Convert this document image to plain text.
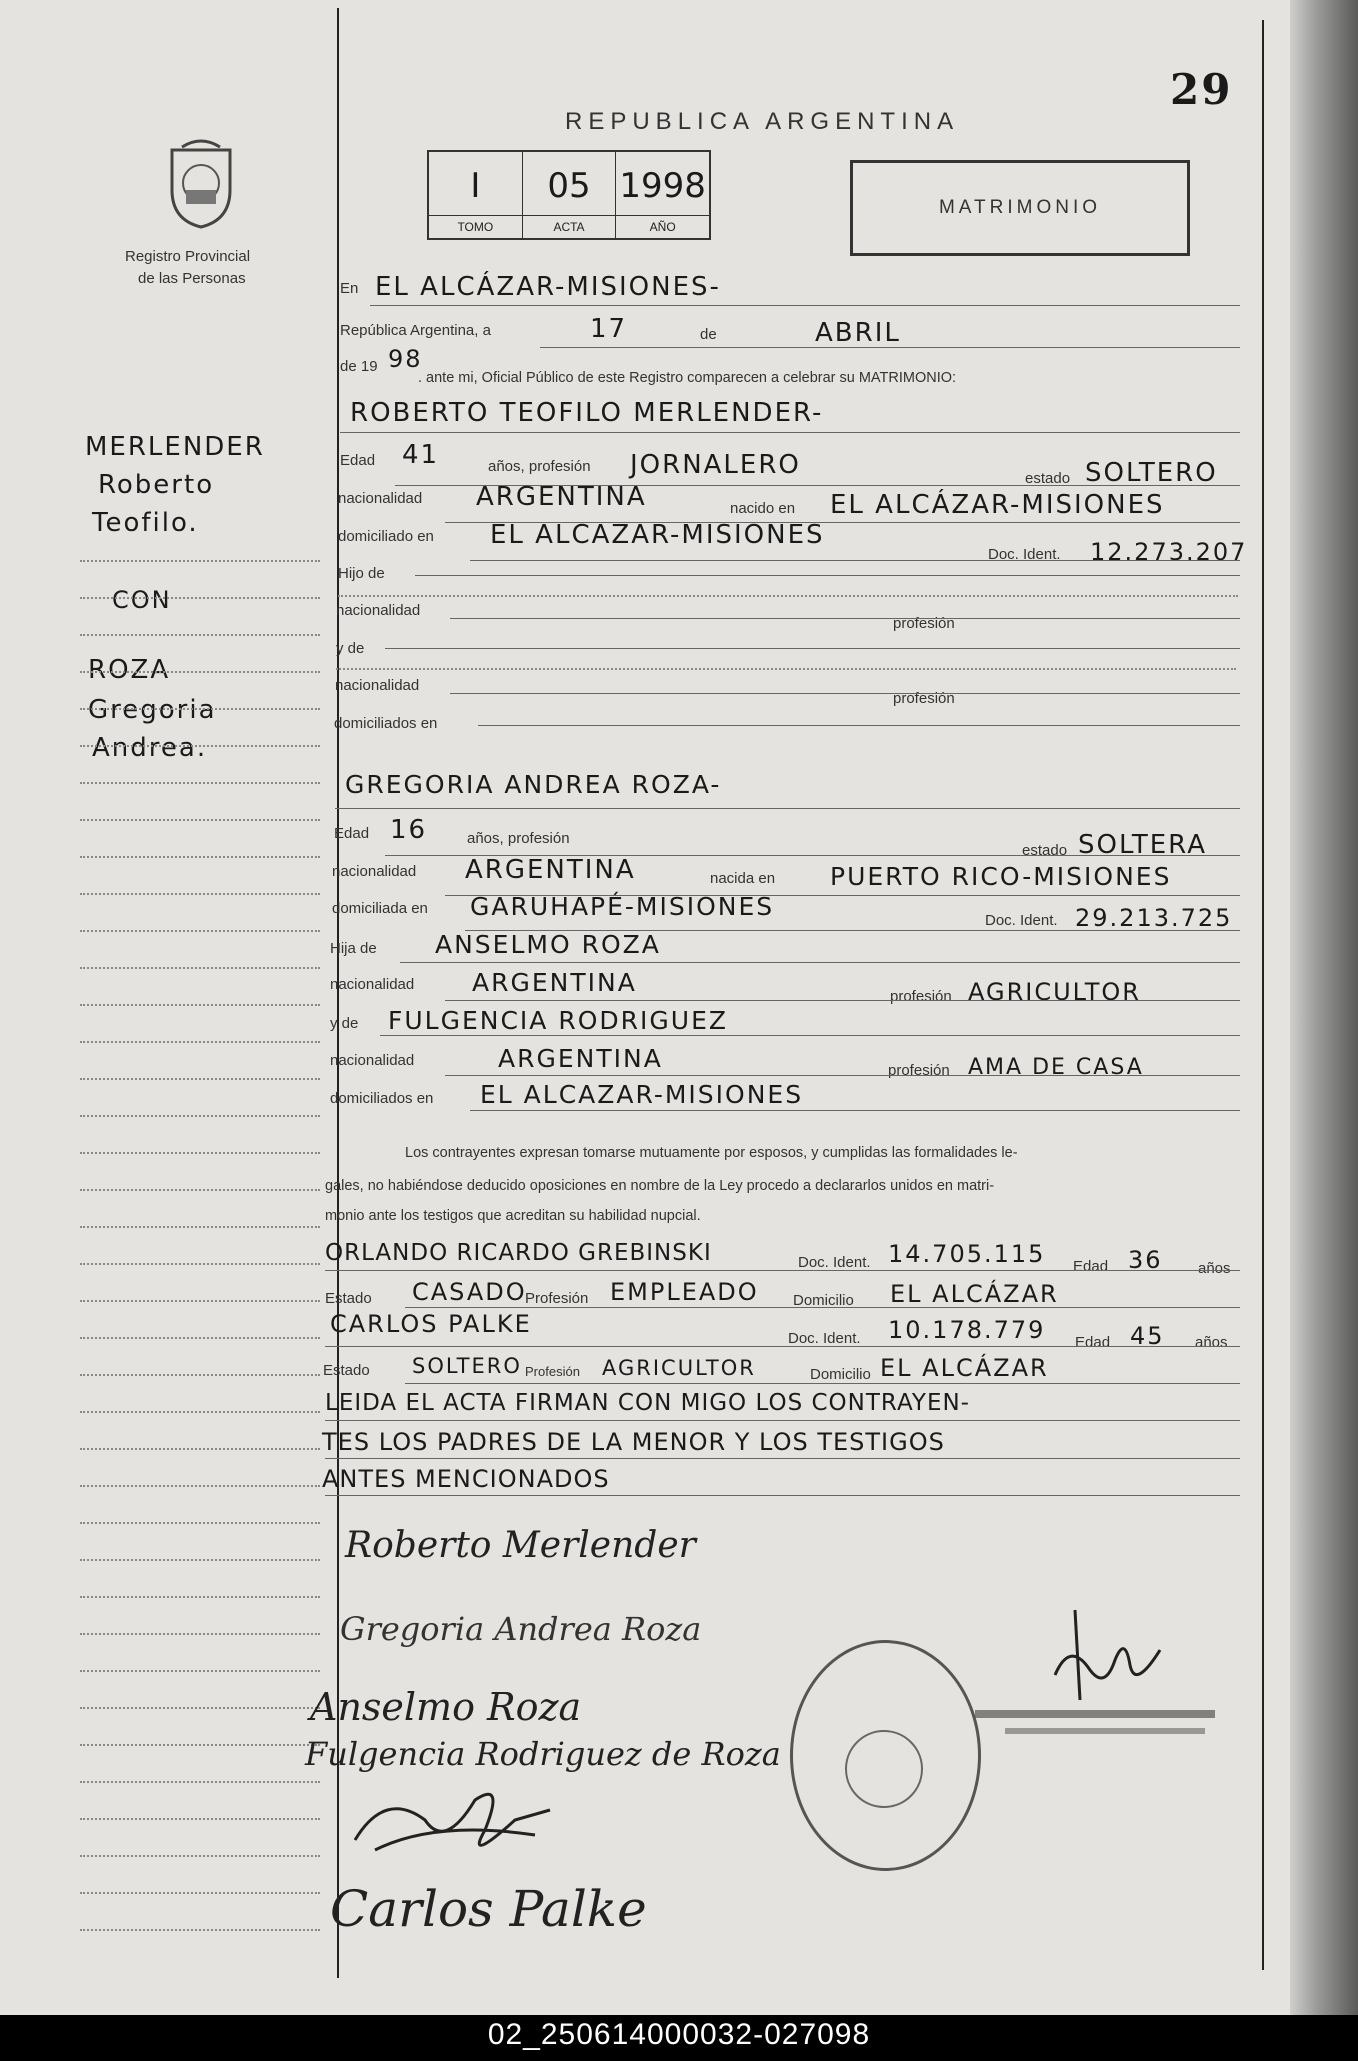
29
Registro Provincial
de las Personas
REPUBLICA ARGENTINA
I
TOMO
05
ACTA
1998
AÑO
MATRIMONIO
MERLENDER
Roberto
Teofilo.
CON
ROZA
Gregoria
Andrea.
En EL ALCÁZAR-MISIONES-
República Argentina, a	17	de	ABRIL
de 19 98
. ante mi, Oficial Público de este Registro comparecen a celebrar su MATRIMONIO:
ROBERTO TEOFILO MERLENDER-
Edad 41	años, profesión JORNALERO	estado SOLTERO
nacionalidad ARGENTINA	nacido en EL ALCÁZAR-MISIONES
domiciliado en EL ALCAZAR-MISIONES
Doc. Ident. 12.273.207
Hijo de
nacionalidad
profesión
y de
nacionalidad
profesión
domiciliados en
GREGORIA ANDREA ROZA-
Edad 16	años, profesión
estado SOLTERA
nacionalidad ARGENTINA	nacida en PUERTO RICO-MISIONES
domiciliada en GARUHAPÉ-MISIONES	Doc. Ident. 29.213.725
Hija de ANSELMO ROZA
nacionalidad ARGENTINA	profesión AGRICULTOR
y de FULGENCIA RODRIGUEZ
nacionalidad	ARGENTINA	profesión AMA DE CASA
domiciliados en EL ALCAZAR-MISIONES
Los contrayentes expresan tomarse mutuamente por esposos, y cumplidas las formalidades le-
gales, no habiéndose deducido oposiciones en nombre de la Ley procedo a declararlos unidos en matri-
monio ante los testigos que acreditan su habilidad nupcial.
ORLANDO RICARDO GREBINSKI	Doc. Ident. 14.705.115 Edad 36 años
Estado CASADO
Profesión EMPLEADO Domicilio EL ALCÁZAR
CARLOS PALKE
Doc. Ident. 10.178.779 Edad 45 años
Estado SOLTERO Profesión AGRICULTOR	Domicilio EL ALCÁZAR
LEIDA EL ACTA FIRMAN CON MIGO LOS CONTRAYEN-
TES LOS PADRES DE LA MENOR Y LOS TESTIGOS
ANTES MENCIONADOS
Roberto Merlender
Gregoria Andrea Roza
Anselmo Roza
Fulgencia Rodriguez de Roza
Carlos Palke
02_250614000032-027098
